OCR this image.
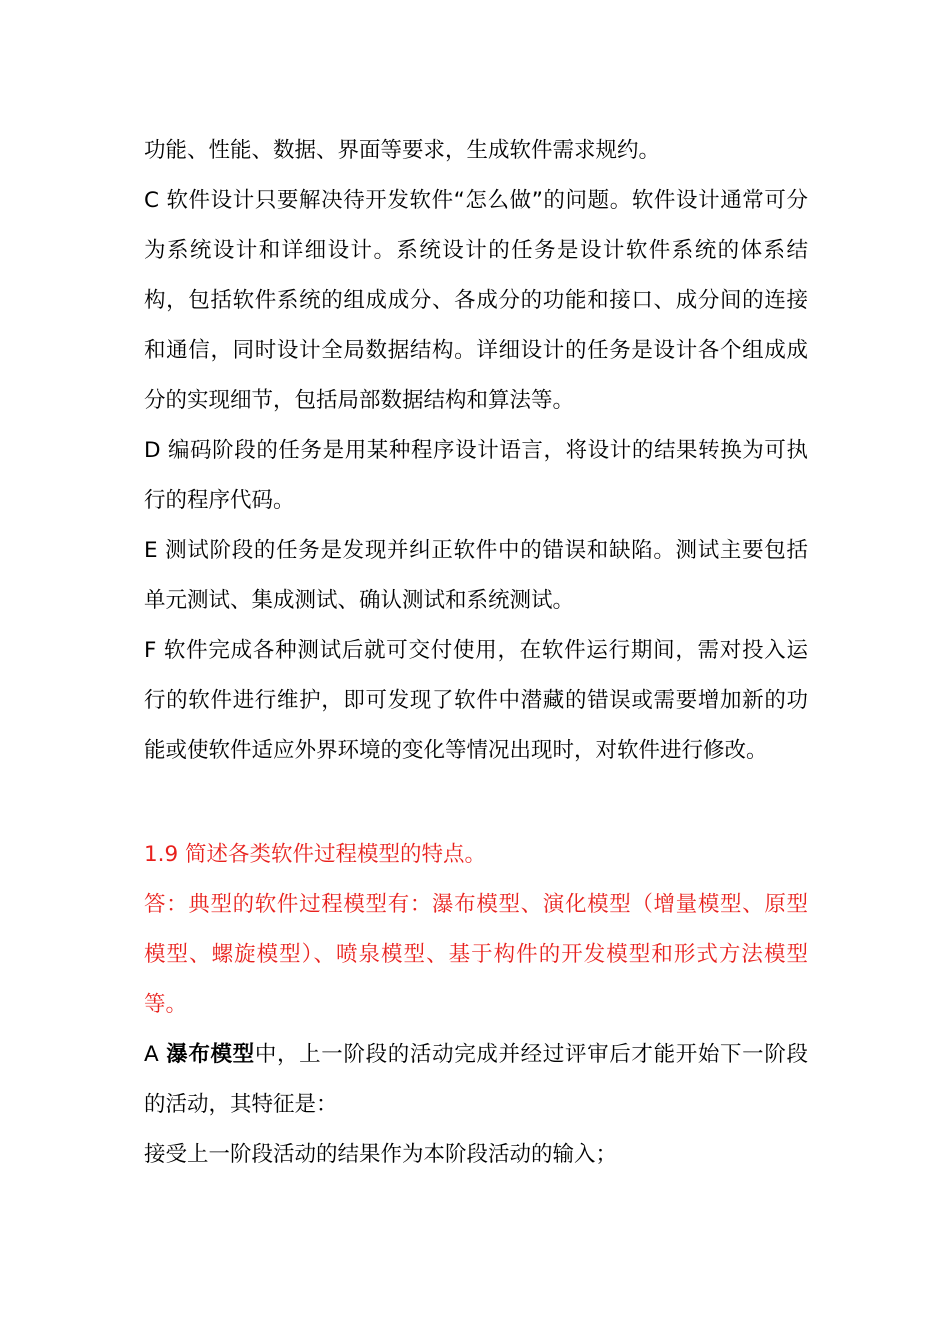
功能、性能、数据、界面等要求，生成软件需求规约。

C 软件设计只要解决待开发软件“怎么做”的问题。软件设计通常可分为系统设计和详细设计。系统设计的任务是设计软件系统的体系结构，包括软件系统的组成成分、各成分的功能和接口、成分间的连接和通信，同时设计全局数据结构。详细设计的任务是设计各个组成成分的实现细节，包括局部数据结构和算法等。

D 编码阶段的任务是用某种程序设计语言，将设计的结果转换为可执行的程序代码。

E 测试阶段的任务是发现并纠正软件中的错误和缺陷。测试主要包括单元测试、集成测试、确认测试和系统测试。

F 软件完成各种测试后就可交付使用，在软件运行期间，需对投入运行的软件进行维护，即可发现了软件中潜藏的错误或需要增加新的功能或使软件适应外界环境的变化等情况出现时，对软件进行修改。

1.9 简述各类软件过程模型的特点。

答：典型的软件过程模型有：瀑布模型、演化模型（增量模型、原型模型、螺旋模型）、喷泉模型、基于构件的开发模型和形式方法模型等。

A 瀑布模型中，上一阶段的活动完成并经过评审后才能开始下一阶段的活动，其特征是：

接受上一阶段活动的结果作为本阶段活动的输入；
